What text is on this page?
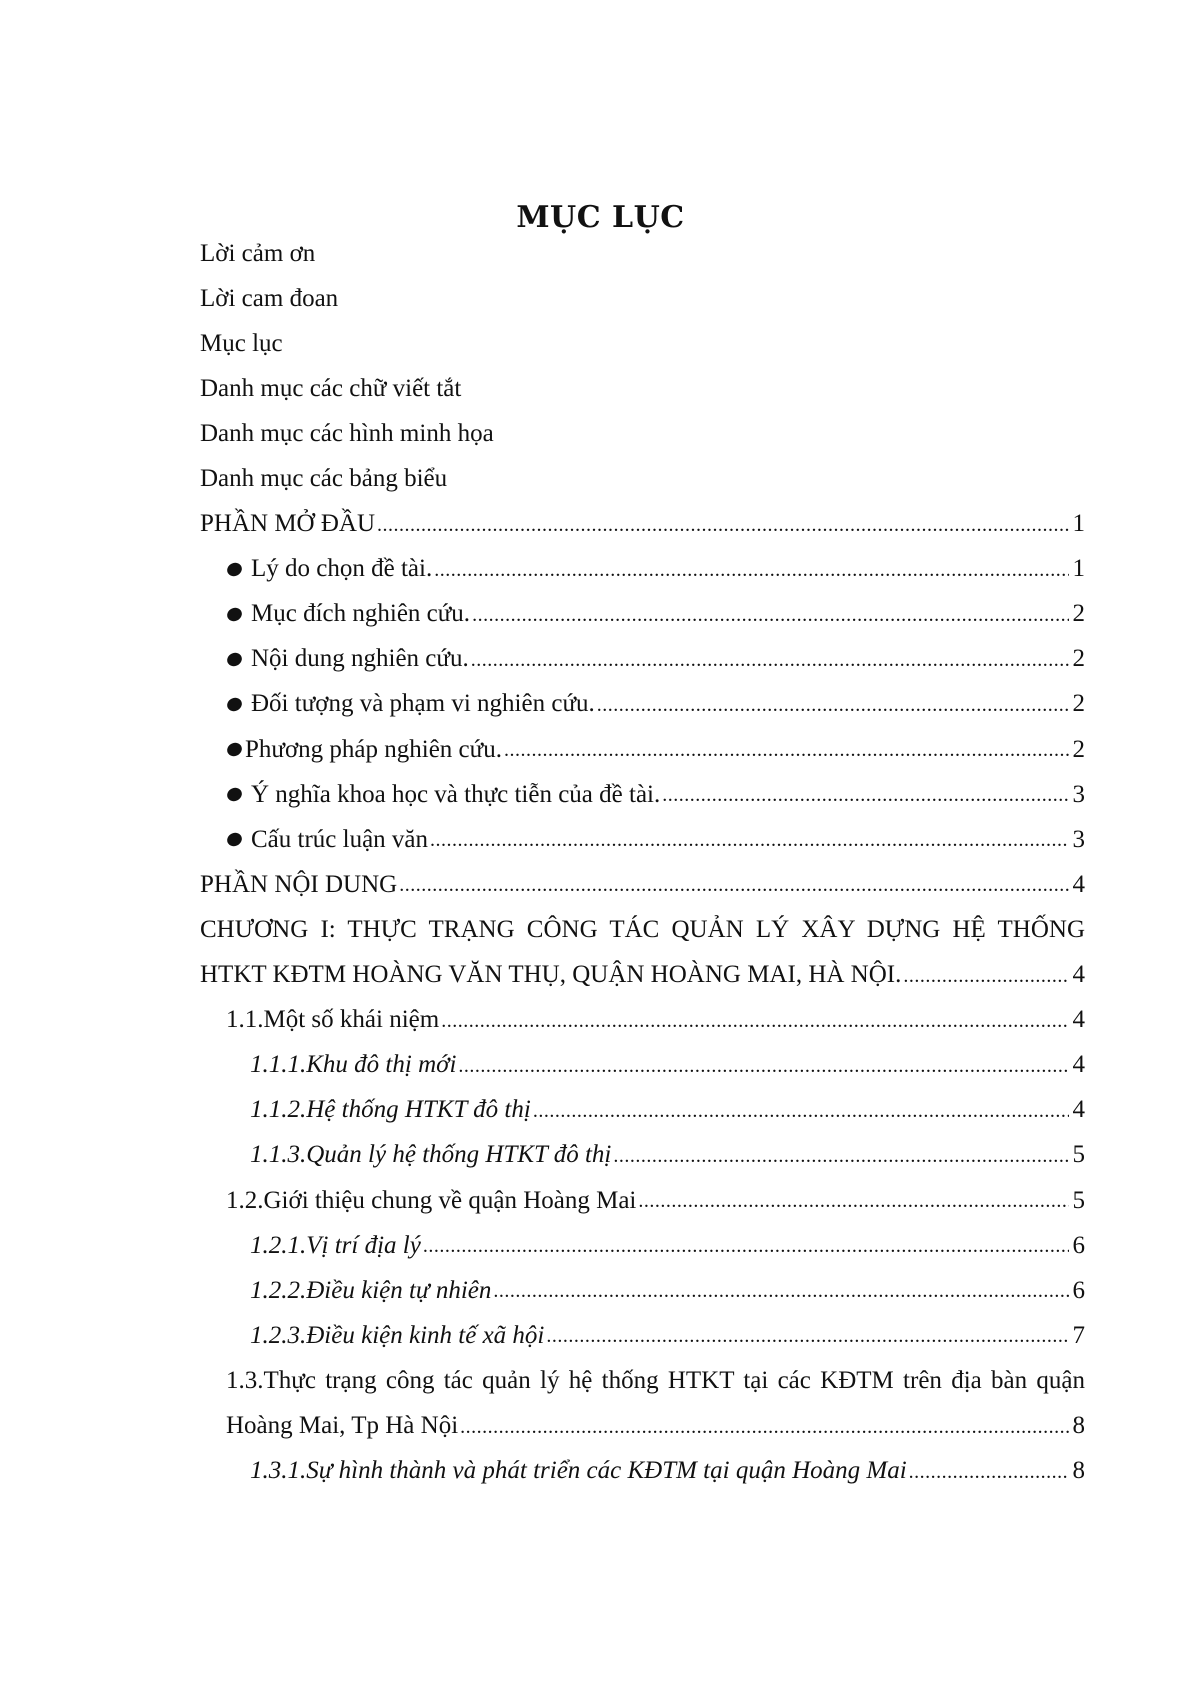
MỤC LỤC
Lời cảm ơn
Lời cam đoan
Mục lục
Danh mục các chữ viết tắt
Danh mục các hình minh họa
Danh mục các bảng biểu
PHẦN MỞ ĐẦU .....	1
Lý do chọn đề tài. .....	1
Mục đích nghiên cứu. .....	2
Nội dung nghiên cứu. .....	2
Đối tượng và phạm vi nghiên cứu. .....	2
Phương pháp nghiên cứu. .....	2
Ý nghĩa khoa học và thực tiễn của đề tài. .....	3
Cấu trúc luận văn .....	3
PHẦN NỘI DUNG .....	4
CHƯƠNG I: THỰC TRẠNG CÔNG TÁC QUẢN LÝ XÂY DỰNG HỆ THỐNG
HTKT KĐTM HOÀNG VĂN THỤ, QUẬN HOÀNG MAI, HÀ NỘI. .....	4
1.1.Một số khái niệm .....	4
1.1.1. Khu đô thị mới .....	4
1.1.2. Hệ thống HTKT đô thị .....	4
1.1.3. Quản lý hệ thống HTKT đô thị .....	5
1.2.Giới thiệu chung về quận Hoàng Mai .....	5
1.2.1. Vị trí địa lý .....	6
1.2.2. Điều kiện tự nhiên .....	6
1.2.3. Điều kiện kinh tế xã hội .....	7
1.3.Thực trạng công tác quản lý hệ thống HTKT tại các KĐTM trên địa bàn quận
Hoàng Mai, Tp Hà Nội .....	8
1.3.1. Sự hình thành và phát triển các KĐTM tại quận Hoàng Mai .....	8
